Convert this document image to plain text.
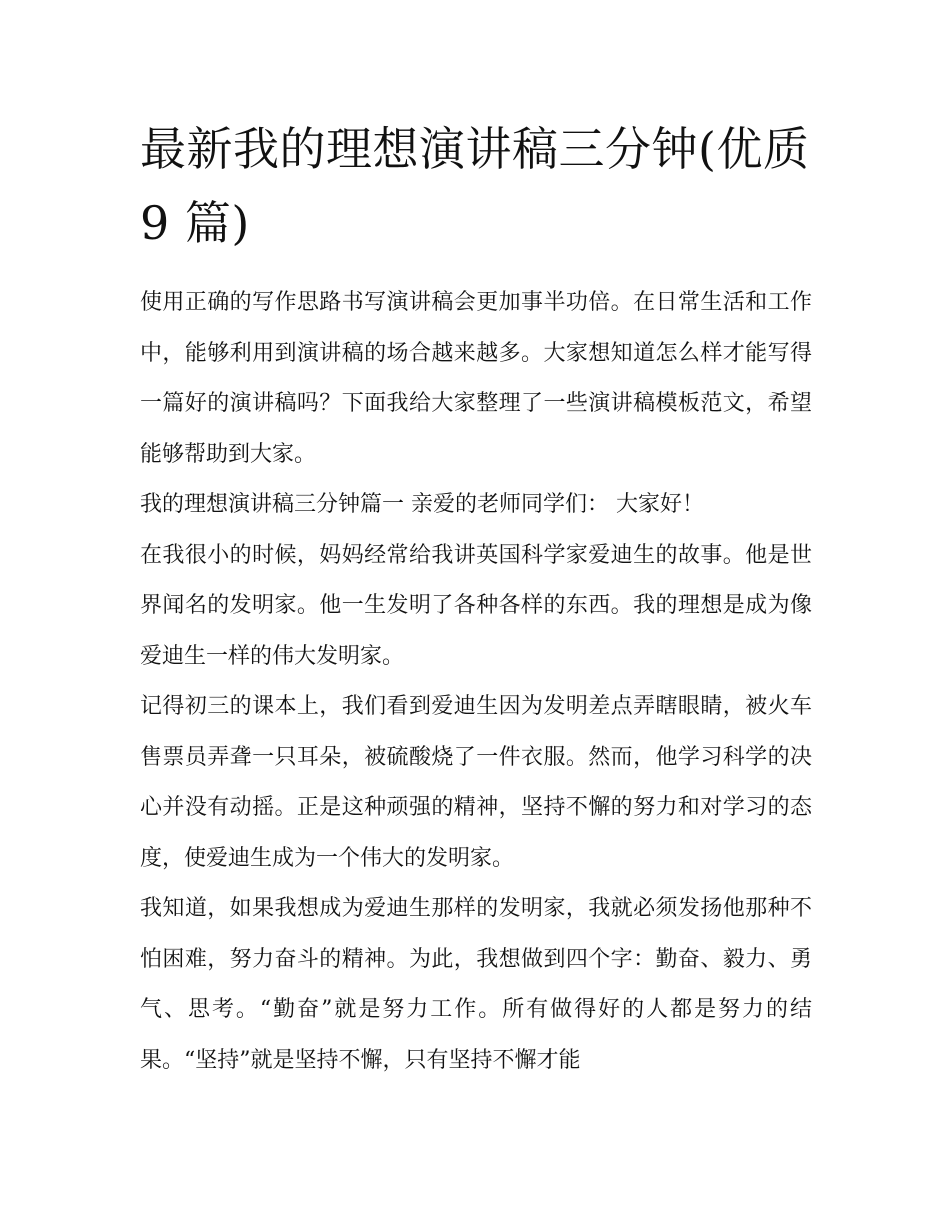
最新我的理想演讲稿三分钟(优质 9 篇)

使用正确的写作思路书写演讲稿会更加事半功倍。在日常生活和工作中，能够利用到演讲稿的场合越来越多。大家想知道怎么样才能写得一篇好的演讲稿吗？下面我给大家整理了一些演讲稿模板范文，希望能够帮助到大家。

我的理想演讲稿三分钟篇一 亲爱的老师同学们： 大家好！

在我很小的时候，妈妈经常给我讲英国科学家爱迪生的故事。他是世界闻名的发明家。他一生发明了各种各样的东西。我的理想是成为像爱迪生一样的伟大发明家。

记得初三的课本上，我们看到爱迪生因为发明差点弄瞎眼睛，被火车售票员弄聋一只耳朵，被硫酸烧了一件衣服。然而，他学习科学的决心并没有动摇。正是这种顽强的精神，坚持不懈的努力和对学习的态度，使爱迪生成为一个伟大的发明家。

我知道，如果我想成为爱迪生那样的发明家，我就必须发扬他那种不怕困难，努力奋斗的精神。为此，我想做到四个字：勤奋、毅力、勇气、思考。“勤奋”就是努力工作。所有做得好的人都是努力的结果。“坚持”就是坚持不懈，只有坚持不懈才能
